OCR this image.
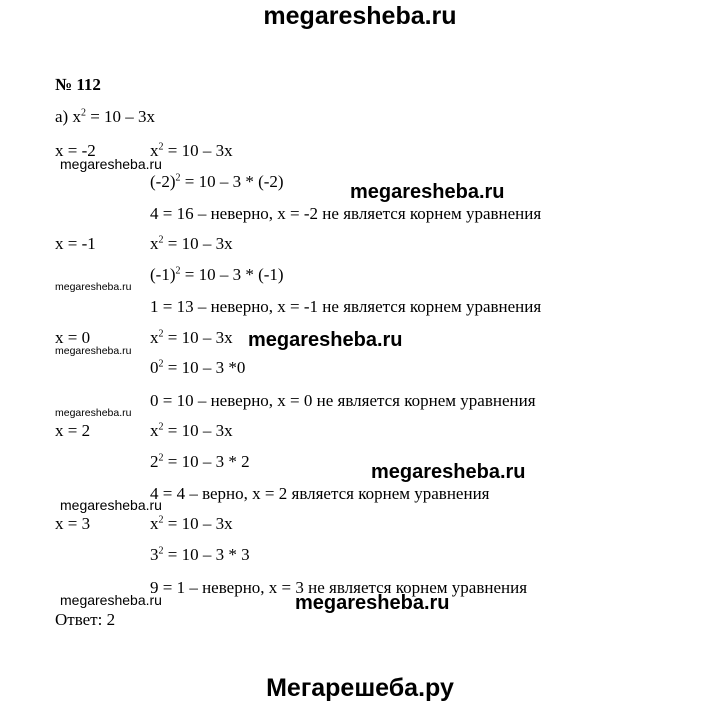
megaresheba.ru
Мегарешеба.ру
№ 112
а) $x^2 = 10 - 3x$
x = -2	$x^2 = 10 - 3x$
$(-2)^2 = 10 - 3 * (-2)$
4 = 16 – неверно, x = -2 не является корнем уравнения
x = -1	$x^2 = 10 - 3x$
$(-1)^2 = 10 - 3 * (-1)$
1 = 13 – неверно, x = -1 не является корнем уравнения
x = 0	$x^2 = 10 - 3x$
$0^2 = 10 - 3$ *0
0 = 10 – неверно, x = 0 не является корнем уравнения
x = 2	$x^2 = 10 - 3x$
$2^2 = 10 - 3 * 2$
4 = 4 – верно, x = 2 является корнем уравнения
x = 3	$x^2 = 10 - 3x$
$3^2 = 10 - 3 * 3$
9 = 1 – неверно, x = 3 не является корнем уравнения
Ответ: 2
megaresheba.ru
megaresheba.ru
megaresheba.ru
megaresheba.ru
megaresheba.ru
megaresheba.ru
megaresheba.ru
megaresheba.ru
megaresheba.ru	megaresheba.ru
